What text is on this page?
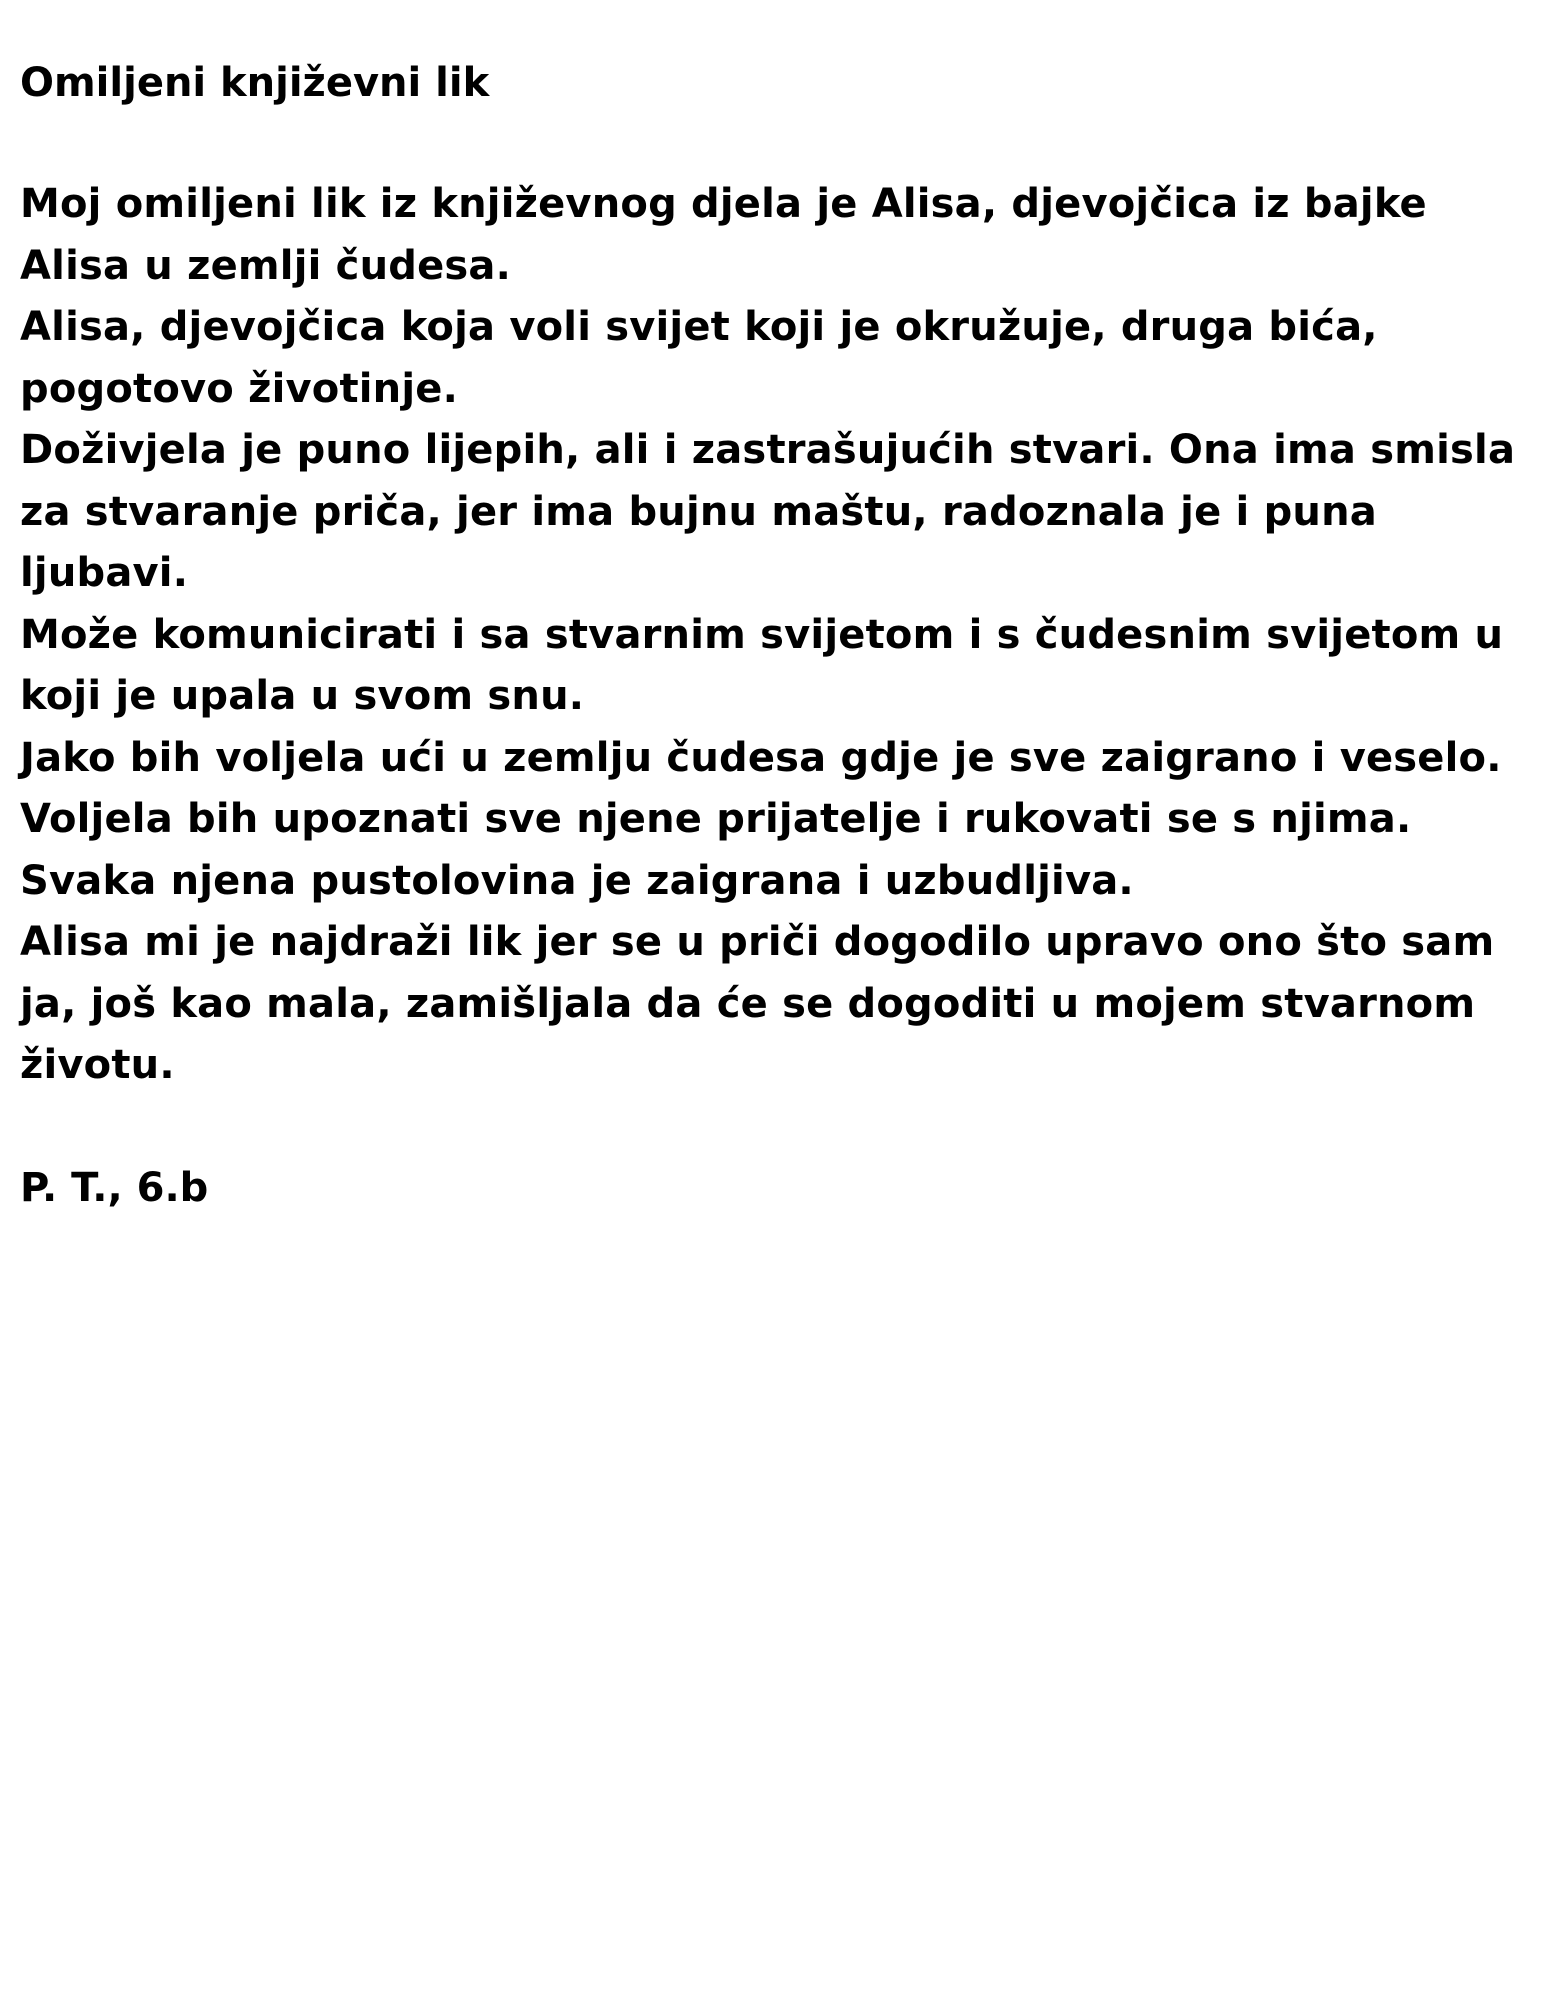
Omiljeni književni lik

Moj omiljeni lik iz književnog djela je Alisa, djevojčica iz bajke

Alisa u zemlji čudesa.

Alisa, djevojčica koja voli svijet koji je okružuje, druga bića,

pogotovo životinje.

Doživjela je puno lijepih, ali i zastrašujućih stvari. Ona ima smisla

za stvaranje priča, jer ima bujnu maštu, radoznala je i puna

ljubavi.

Može komunicirati i sa stvarnim svijetom i s čudesnim svijetom u

koji je upala u svom snu.

Jako bih voljela ući u zemlju čudesa gdje je sve zaigrano i veselo.

Voljela bih upoznati sve njene prijatelje i rukovati se s njima.

Svaka njena pustolovina je zaigrana i uzbudljiva.

Alisa mi je najdraži lik jer se u priči dogodilo upravo ono što sam

ja, još kao mala, zamišljala da će se dogoditi u mojem stvarnom

životu.

P. T., 6.b
